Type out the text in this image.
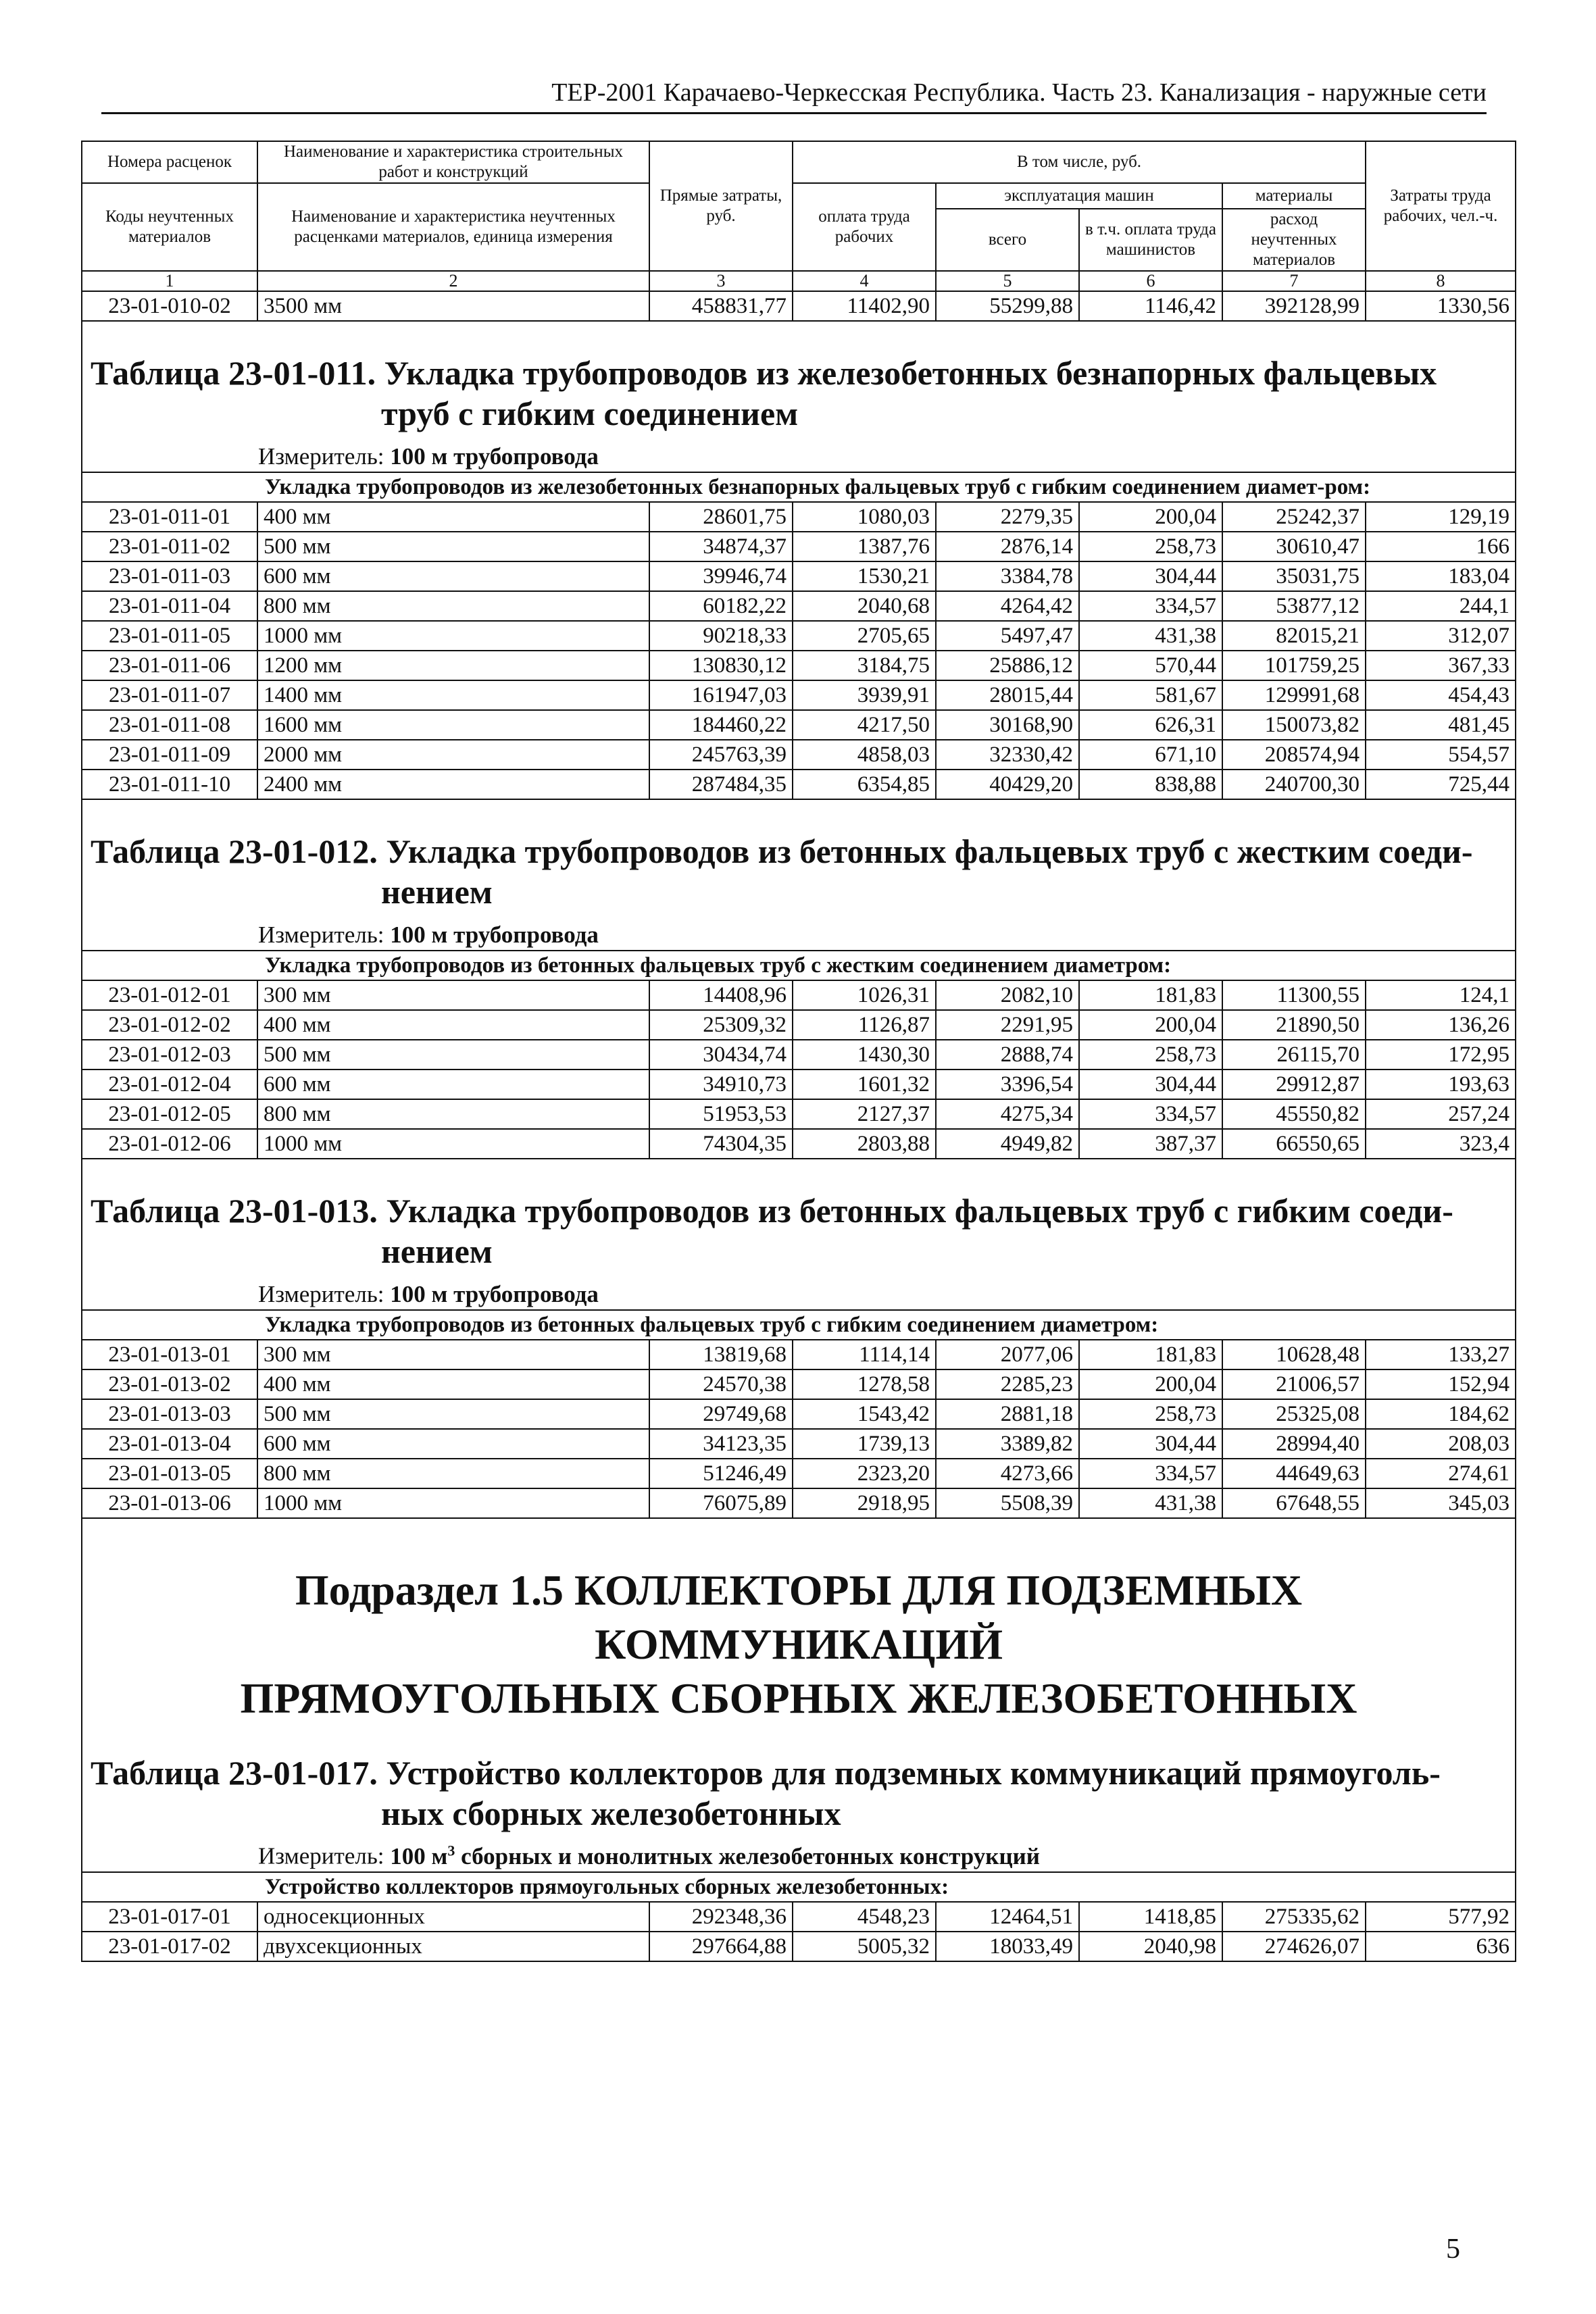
ТЕР-2001 Карачаево-Черкесская Республика. Часть 23. Канализация - наружные сети
Номера расценок	Наименование и характеристика строительных работ и конструкций	Прямые затраты, руб.	В том числе, руб.				Затраты труда рабочих, чел.-ч.
Коды неучтенных материалов	Наименование и характеристика неучтенных расценками материалов, единица измерения		оплата труда рабочих	эксплуатация машин		материалы	
				всего	в т.ч. оплата труда машинистов	расход неучтенных материалов	
1	2	3	4	5	6	7	8
23-01-010-02	3500 мм	458831,77	11402,90	55299,88	1146,42	392128,99	1330,56

Таблица 23-01-011. Укладка трубопроводов из железобетонных безнапорных фальцевых
труб с гибким соединением							

Измеритель: 100 м трубопровода							
Укладка трубопроводов из железобетонных безнапорных фальцевых труб с гибким соединением диамет-ром:							
23-01-011-01	400 мм	28601,75	1080,03	2279,35	200,04	25242,37	129,19
23-01-011-02	500 мм	34874,37	1387,76	2876,14	258,73	30610,47	166
23-01-011-03	600 мм	39946,74	1530,21	3384,78	304,44	35031,75	183,04
23-01-011-04	800 мм	60182,22	2040,68	4264,42	334,57	53877,12	244,1
23-01-011-05	1000 мм	90218,33	2705,65	5497,47	431,38	82015,21	312,07
23-01-011-06	1200 мм	130830,12	3184,75	25886,12	570,44	101759,25	367,33
23-01-011-07	1400 мм	161947,03	3939,91	28015,44	581,67	129991,68	454,43
23-01-011-08	1600 мм	184460,22	4217,50	30168,90	626,31	150073,82	481,45
23-01-011-09	2000 мм	245763,39	4858,03	32330,42	671,10	208574,94	554,57
23-01-011-10	2400 мм	287484,35	6354,85	40429,20	838,88	240700,30	725,44

Таблица 23-01-012. Укладка трубопроводов из бетонных фальцевых труб с жестким соеди-
нением							

Измеритель: 100 м трубопровода							
Укладка трубопроводов из бетонных фальцевых труб с жестким соединением диаметром:							
23-01-012-01	300 мм	14408,96	1026,31	2082,10	181,83	11300,55	124,1
23-01-012-02	400 мм	25309,32	1126,87	2291,95	200,04	21890,50	136,26
23-01-012-03	500 мм	30434,74	1430,30	2888,74	258,73	26115,70	172,95
23-01-012-04	600 мм	34910,73	1601,32	3396,54	304,44	29912,87	193,63
23-01-012-05	800 мм	51953,53	2127,37	4275,34	334,57	45550,82	257,24
23-01-012-06	1000 мм	74304,35	2803,88	4949,82	387,37	66550,65	323,4

Таблица 23-01-013. Укладка трубопроводов из бетонных фальцевых труб с гибким соеди-
нением							

Измеритель: 100 м трубопровода							
Укладка трубопроводов из бетонных фальцевых труб с гибким соединением диаметром:							
23-01-013-01	300 мм	13819,68	1114,14	2077,06	181,83	10628,48	133,27
23-01-013-02	400 мм	24570,38	1278,58	2285,23	200,04	21006,57	152,94
23-01-013-03	500 мм	29749,68	1543,42	2881,18	258,73	25325,08	184,62
23-01-013-04	600 мм	34123,35	1739,13	3389,82	304,44	28994,40	208,03
23-01-013-05	800 мм	51246,49	2323,20	4273,66	334,57	44649,63	274,61
23-01-013-06	1000 мм	76075,89	2918,95	5508,39	431,38	67648,55	345,03

Подраздел 1.5 КОЛЛЕКТОРЫ ДЛЯ ПОДЗЕМНЫХ КОММУНИКАЦИЙ
ПРЯМОУГОЛЬНЫХ СБОРНЫХ ЖЕЛЕЗОБЕТОННЫХ							

Таблица 23-01-017. Устройство коллекторов для подземных коммуникаций прямоуголь-
ных сборных железобетонных							

Измеритель: 100 $м^3$ сборных и монолитных железобетонных конструкций							
Устройство коллекторов прямоугольных сборных железобетонных:							
23-01-017-01	односекционных	292348,36	4548,23	12464,51	1418,85	275335,62	577,92
23-01-017-02	двухсекционных	297664,88	5005,32	18033,49	2040,98	274626,07	636
5
